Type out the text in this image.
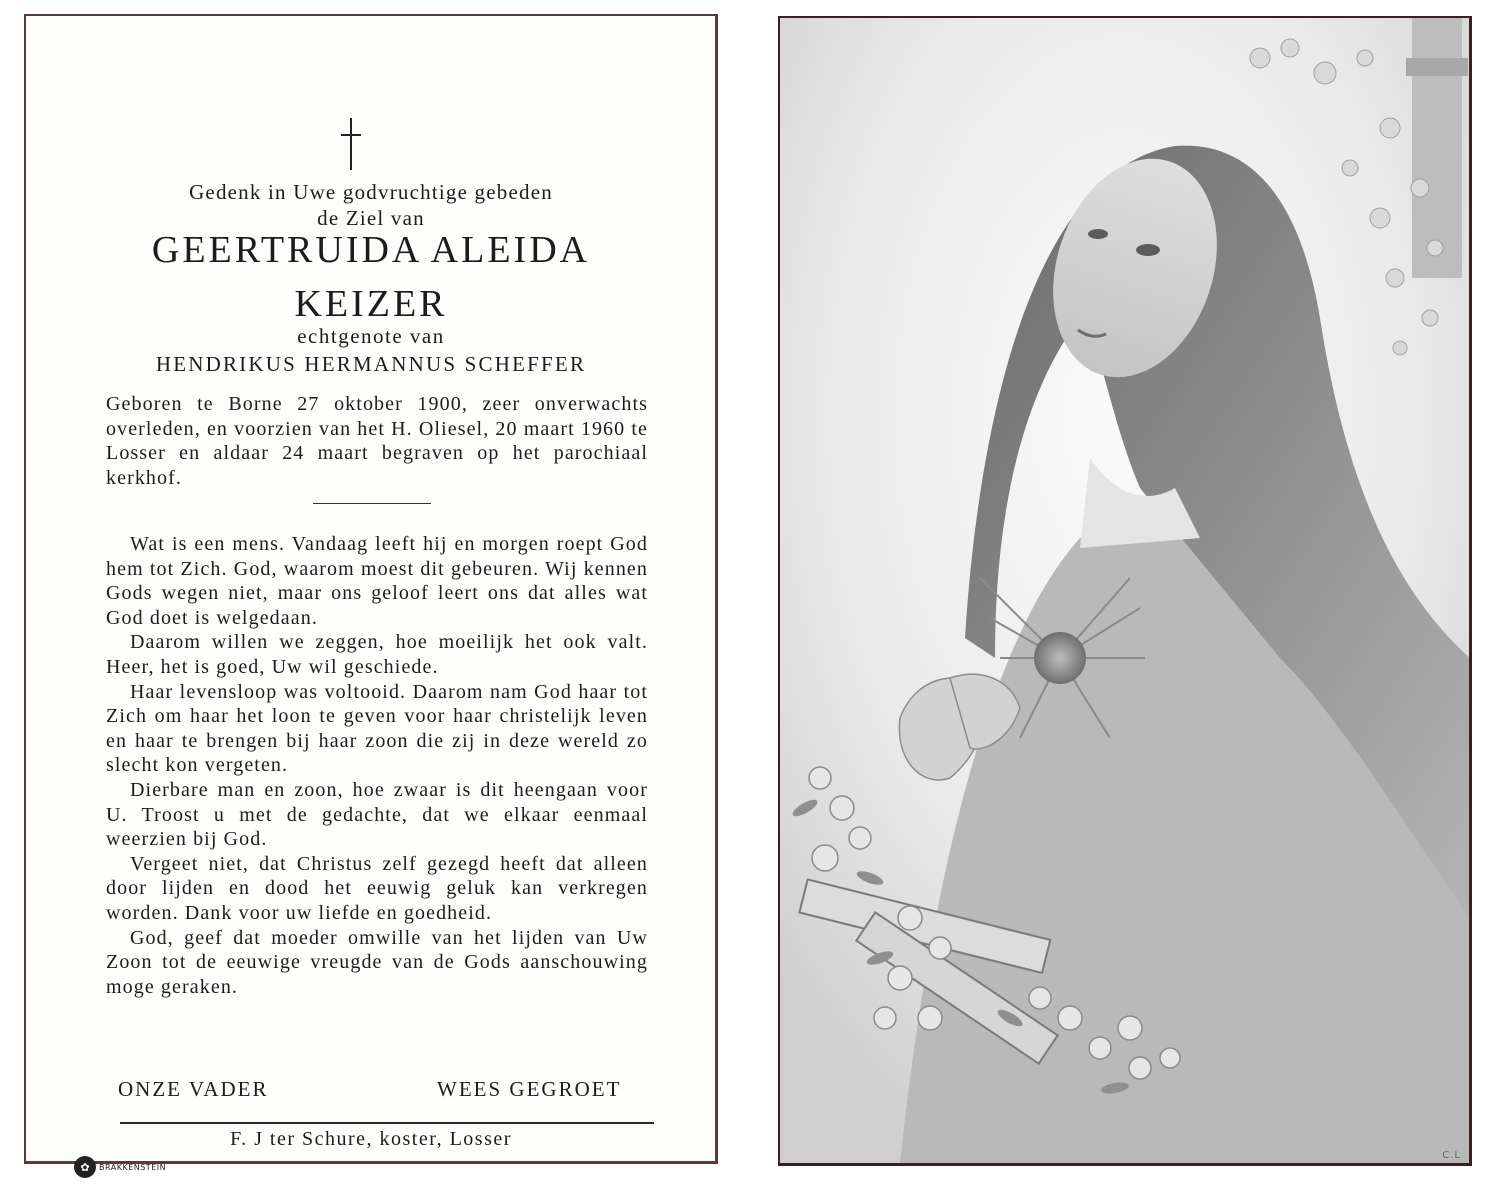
Gedenk in Uwe godvruchtige gebeden
de Ziel van
GEERTRUIDA ALEIDA
KEIZER
echtgenote van
HENDRIKUS HERMANNUS SCHEFFER
Geboren te Borne 27 oktober 1900, zeer onverwachts overleden, en voorzien van het H. Oliesel, 20 maart 1960 te Losser en aldaar 24 maart begraven op het parochiaal kerkhof.

Wat is een mens. Vandaag leeft hij en morgen roept God hem tot Zich. God, waarom moest dit gebeuren. Wij kennen Gods wegen niet, maar ons geloof leert ons dat alles wat God doet is welgedaan.

Daarom willen we zeggen, hoe moeilijk het ook valt. Heer, het is goed, Uw wil geschiede.

Haar levensloop was voltooid. Daarom nam God haar tot Zich om haar het loon te geven voor haar christelijk leven en haar te brengen bij haar zoon die zij in deze wereld zo slecht kon vergeten.

Dierbare man en zoon, hoe zwaar is dit heengaan voor U. Troost u met de gedachte, dat we elkaar eenmaal weerzien bij God.

Vergeet niet, dat Christus zelf gezegd heeft dat alleen door lijden en dood het eeuwig geluk kan verkregen worden. Dank voor uw liefde en goedheid.

God, geef dat moeder omwille van het lijden van Uw Zoon tot de eeuwige vreugde van de Gods aanschouwing moge geraken.

ONZE VADER	WEES GEGROET
F. J ter Schure, koster, Losser
✿	BRAKKENSTEIN
C.L
